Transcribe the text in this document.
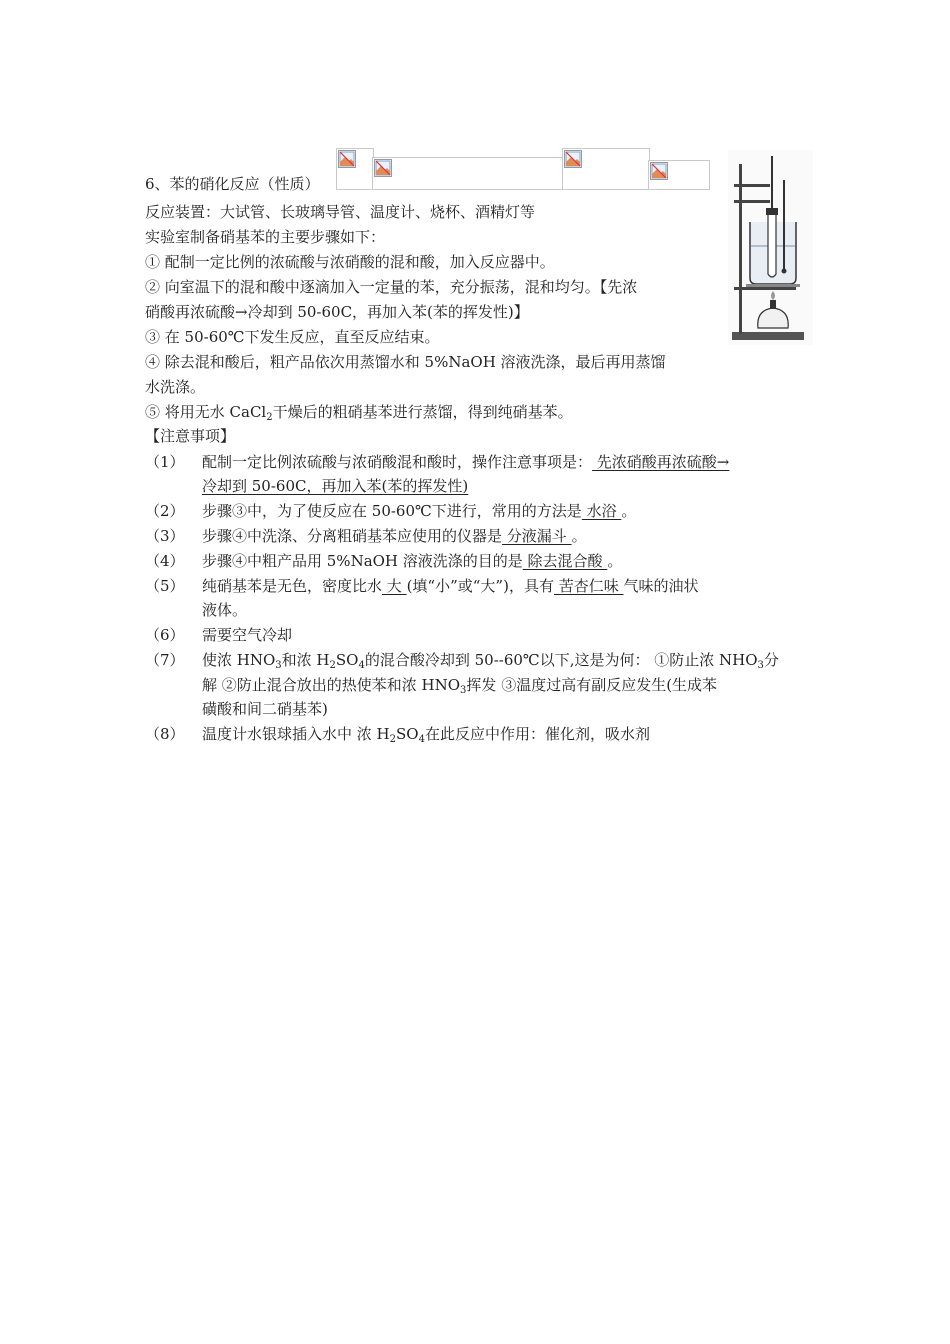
6、苯的硝化反应（性质）
反应装置：大试管、长玻璃导管、温度计、烧杯、酒精灯等
实验室制备硝基苯的主要步骤如下：
① 配制一定比例的浓硫酸与浓硝酸的混和酸，加入反应器中。
② 向室温下的混和酸中逐滴加入一定量的苯，充分振荡，混和均匀。【先浓
硝酸再浓硫酸→冷却到 50-60C，再加入苯(苯的挥发性)】
③ 在 50-60℃下发生反应，直至反应结束。
④ 除去混和酸后，粗产品依次用蒸馏水和 5%NaOH 溶液洗涤，最后再用蒸馏
水洗涤。
⑤ 将用无水 CaCl$_2$干燥后的粗硝基苯进行蒸馏，得到纯硝基苯。
【注意事项】
（1） 配制一定比例浓硫酸与浓硝酸混和酸时，操作注意事项是： 先浓硝酸再浓硫酸→
冷却到 50-60C，再加入苯(苯的挥发性)
（2） 步骤③中，为了使反应在 50-60℃下进行，常用的方法是 水浴 。
（3） 步骤④中洗涤、分离粗硝基苯应使用的仪器是 分液漏斗 。
（4） 步骤④中粗产品用 5%NaOH 溶液洗涤的目的是 除去混合酸 。
（5） 纯硝基苯是无色，密度比水 大 (填“小”或“大”)，具有 苦杏仁味 气味的油状
液体。
（6） 需要空气冷却
（7） 使浓 $HNO_3$和浓 $H_2SO_4$的混合酸冷却到 50--60℃以下,这是为何： ①防止浓 $NHO_3$分
解 ②防止混合放出的热使苯和浓 $HNO_3$挥发 ③温度过高有副反应发生(生成苯
磺酸和间二硝基苯)
（8） 温度计水银球插入水中 浓 $H_2SO_4$在此反应中作用：催化剂，吸水剂
